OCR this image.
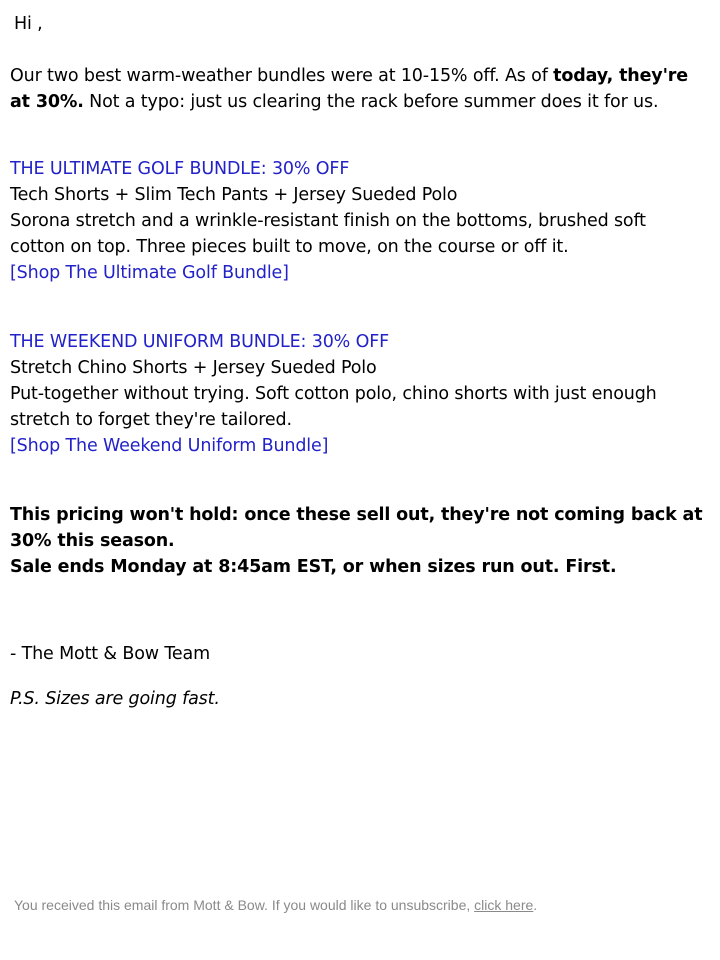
Hi ,
Our two best warm-weather bundles were at 10-15% off. As of today, they're
at 30%. Not a typo: just us clearing the rack before summer does it for us.
THE ULTIMATE GOLF BUNDLE: 30% OFF
Tech Shorts + Slim Tech Pants + Jersey Sueded Polo
Sorona stretch and a wrinkle-resistant finish on the bottoms, brushed soft
cotton on top. Three pieces built to move, on the course or off it.
[Shop The Ultimate Golf Bundle]
THE WEEKEND UNIFORM BUNDLE: 30% OFF
Stretch Chino Shorts + Jersey Sueded Polo
Put-together without trying. Soft cotton polo, chino shorts with just enough
stretch to forget they're tailored.
[Shop The Weekend Uniform Bundle]
This pricing won't hold: once these sell out, they're not coming back at
30% this season.
Sale ends Monday at 8:45am EST, or when sizes run out. First.
- The Mott & Bow Team
P.S. Sizes are going fast.
You received this email from Mott & Bow. If you would like to unsubscribe, click here.
